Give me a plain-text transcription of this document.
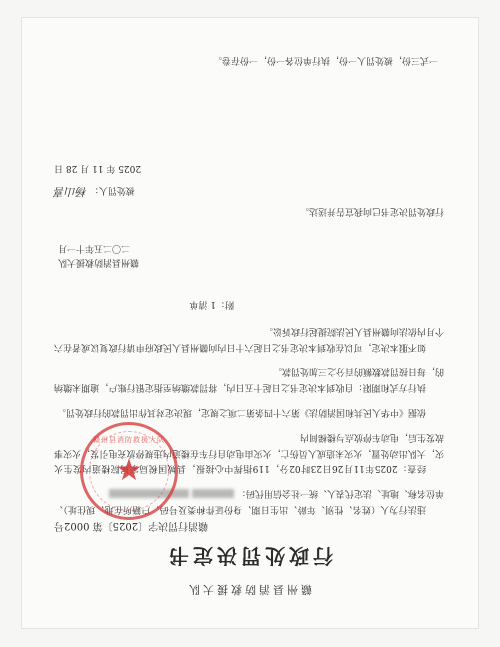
赣州县消防救援大队
行政处罚决定书
赣消行罚决字〔2025〕第 0002号

违法行为人（姓名、性别、年龄、出生日期、身份证件种类及号码、户籍所在地、现住址）、单位名称、地址、法定代表人、统一社会信用代码：

经查：2025年11月26日23时02分，119指挥中心接报，县城国税局家属院楼道内发生火灾，大队出动处置，火灾未造成人员伤亡，火灾由电动自行车在楼道内违规停放充电引发，火灾事故发生后，电动车停放点与楼梯间内

依据《中华人民共和国消防法》第六十四条第二项之规定，现决定对其作出罚款的行政处罚。

执行方式和期限：自收到本决定书之日起十五日内，将罚款缴纳至指定银行账户，逾期未缴纳的，每日按罚款数额的百分之三加处罚款。

如不服本决定，可以在收到本决定书之日起六十日内向赣州县人民政府申请行政复议或者在六个月内依法向赣州县人民法院提起行政诉讼。

附：1 清单
赣州县消防救援大队
二〇二五年十一月
行政处罚决定书已向我宣告并送达。
被处罚人： 杨山喜
2025 年 11 月 28 日
一式三份，被处罚人一份，执行单位各一份，一份存卷。
赣州县消防救援大队
★
